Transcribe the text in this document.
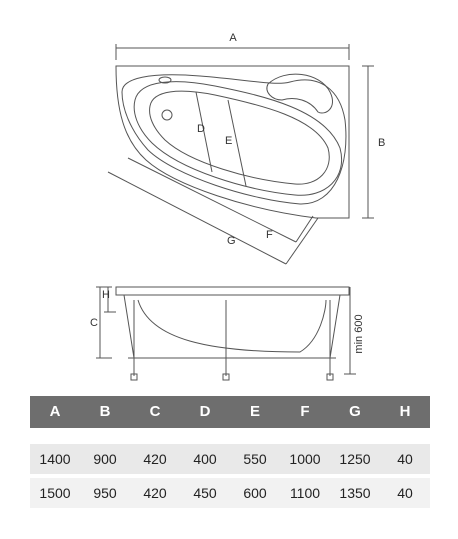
A
B
D
E
F
G
C
H
min 600
A	B	C	D	E	F	G	H
1400	900	420	400	550	1000	1250	40
1500	950	420	450	600	1100	1350	40
